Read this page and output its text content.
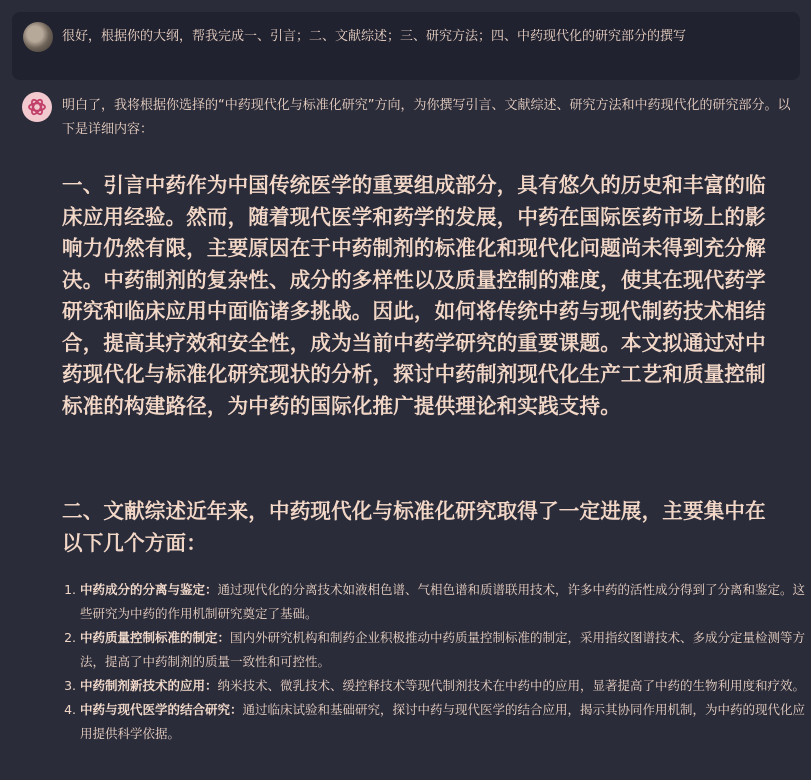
很好，根据你的大纲，帮我完成一、引言；二、文献综述；三、研究方法；四、中药现代化的研究部分的撰写
明白了，我将根据你选择的“中药现代化与标准化研究”方向，为你撰写引言、文献综述、研究方法和中药现代化的研究部分。以下是详细内容：
一、引言中药作为中国传统医学的重要组成部分，具有悠久的历史和丰富的临床应用经验。然而，随着现代医学和药学的发展，中药在国际医药市场上的影响力仍然有限，主要原因在于中药制剂的标准化和现代化问题尚未得到充分解决。中药制剂的复杂性、成分的多样性以及质量控制的难度，使其在现代药学研究和临床应用中面临诸多挑战。因此，如何将传统中药与现代制药技术相结合，提高其疗效和安全性，成为当前中药学研究的重要课题。本文拟通过对中药现代化与标准化研究现状的分析，探讨中药制剂现代化生产工艺和质量控制标准的构建路径，为中药的国际化推广提供理论和实践支持。
二、文献综述近年来，中药现代化与标准化研究取得了一定进展，主要集中在以下几个方面：
1. 中药成分的分离与鉴定：通过现代化的分离技术如液相色谱、气相色谱和质谱联用技术，许多中药的活性成分得到了分离和鉴定。这些研究为中药的作用机制研究奠定了基础。
2. 中药质量控制标准的制定：国内外研究机构和制药企业积极推动中药质量控制标准的制定，采用指纹图谱技术、多成分定量检测等方法，提高了中药制剂的质量一致性和可控性。
3. 中药制剂新技术的应用：纳米技术、微乳技术、缓控释技术等现代制剂技术在中药中的应用，显著提高了中药的生物利用度和疗效。
4. 中药与现代医学的结合研究：通过临床试验和基础研究，探讨中药与现代医学的结合应用，揭示其协同作用机制，为中药的现代化应用提供科学依据。
